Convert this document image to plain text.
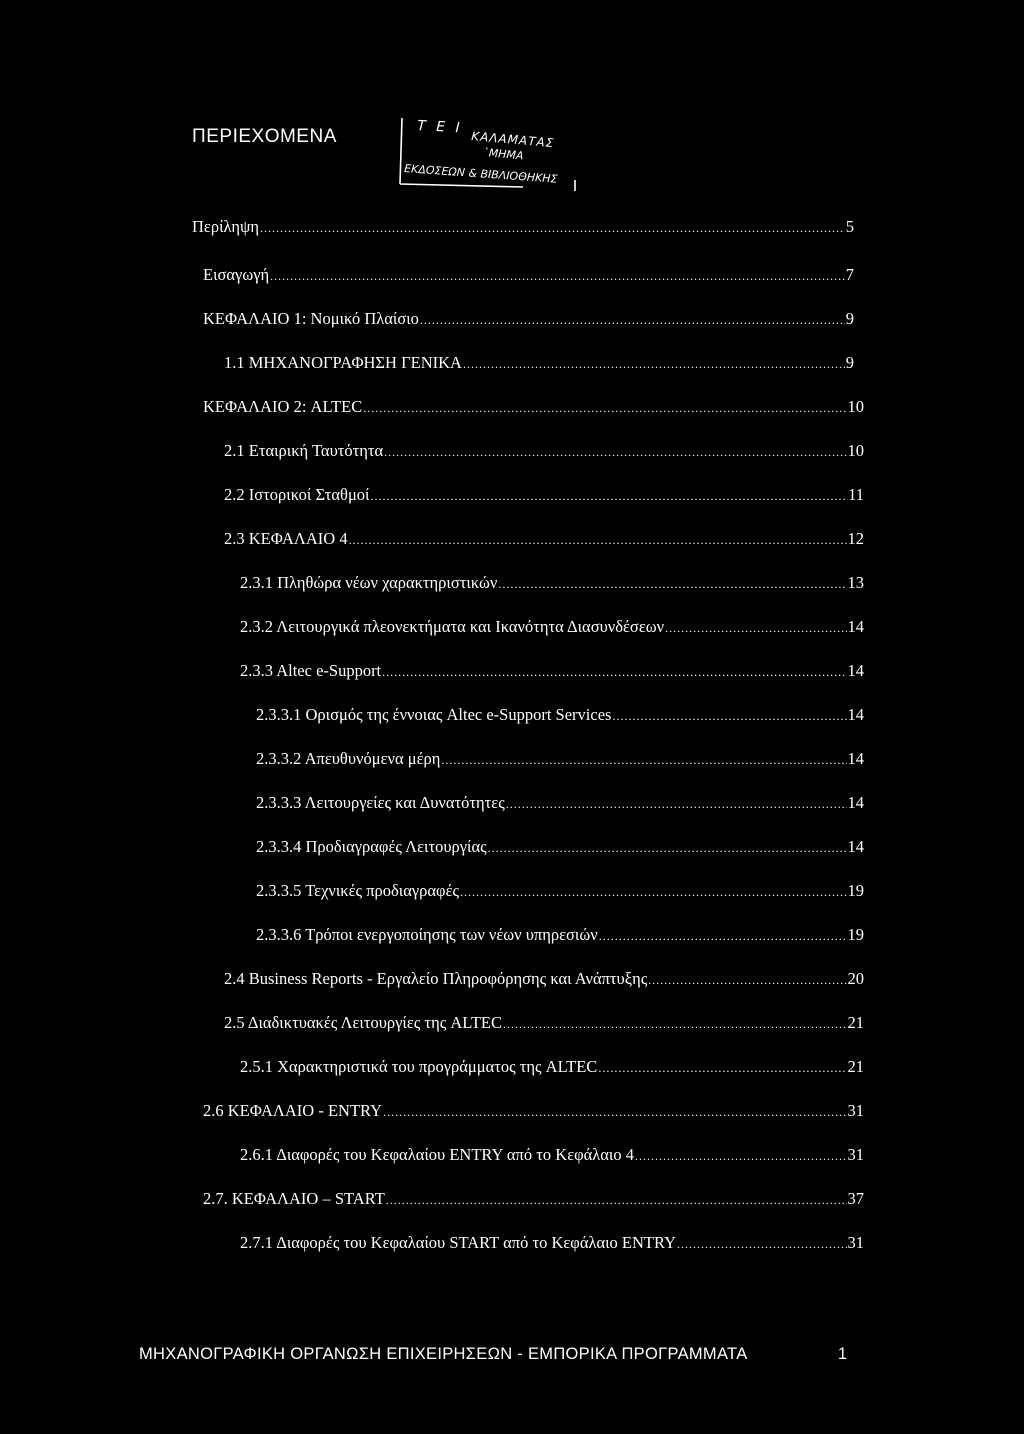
ΠΕΡΙΕΧΟΜΕΝΑ	Τ Ε Ι
ΚΑΛΑΜΑΤΑΣ
`ΜΗΜΑ
ΕΚΔΟΣΕΩΝ & ΒΙΒΛΙΟΘΗΚΗΣ
Περίληψη .....	5
Εισαγωγή .....	7
ΚΕΦΑΛΑΙΟ 1: Νομικό Πλαίσιο .....	9
1.1 ΜΗΧΑΝΟΓΡΑΦΗΣΗ ΓΕΝΙΚΑ .....	9
ΚΕΦΑΛΑΙΟ 2: ALTEC .....	10
2.1 Εταιρική Ταυτότητα .....	10
2.2 Ιστορικοί Σταθμοί .....	11
2.3 ΚΕΦΑΛΑΙΟ 4 .....	12
2.3.1 Πληθώρα νέων χαρακτηριστικών .....	13
2.3.2 Λειτουργικά πλεονεκτήματα και Ικανότητα Διασυνδέσεων .....	14
2.3.3 Altec e-Support .....	14
2.3.3.1 Ορισμός της έννοιας Altec e-Support Services .....	14
2.3.3.2 Απευθυνόμενα μέρη .....	14
2.3.3.3 Λειτουργείες και Δυνατότητες .....	14
2.3.3.4 Προδιαγραφές Λειτουργίας .....	14
2.3.3.5 Τεχνικές προδιαγραφές .....	19
2.3.3.6 Τρόποι ενεργοποίησης των νέων υπηρεσιών .....	19
2.4 Business Reports - Εργαλείο Πληροφόρησης και Ανάπτυξης .....	20
2.5 Διαδικτυακές Λειτουργίες της ALTEC .....	21
2.5.1 Χαρακτηριστικά του προγράμματος της ALTEC .....	21
2.6 ΚΕΦΑΛΑΙΟ - ENTRY .....	31
2.6.1 Διαφορές του Κεφαλαίου ENTRY από το Κεφάλαιο 4 .....	31
2.7. ΚΕΦΑΛΑΙΟ – START .....	37
2.7.1 Διαφορές του Κεφαλαίου START από το Κεφάλαιο ENTRY .....	31
ΜΗΧΑΝΟΓΡΑΦΙΚΗ ΟΡΓΑΝΩΣΗ ΕΠΙΧΕΙΡΗΣΕΩΝ - ΕΜΠΟΡΙΚΑ ΠΡΟΓΡΑΜΜΑΤΑ	1
